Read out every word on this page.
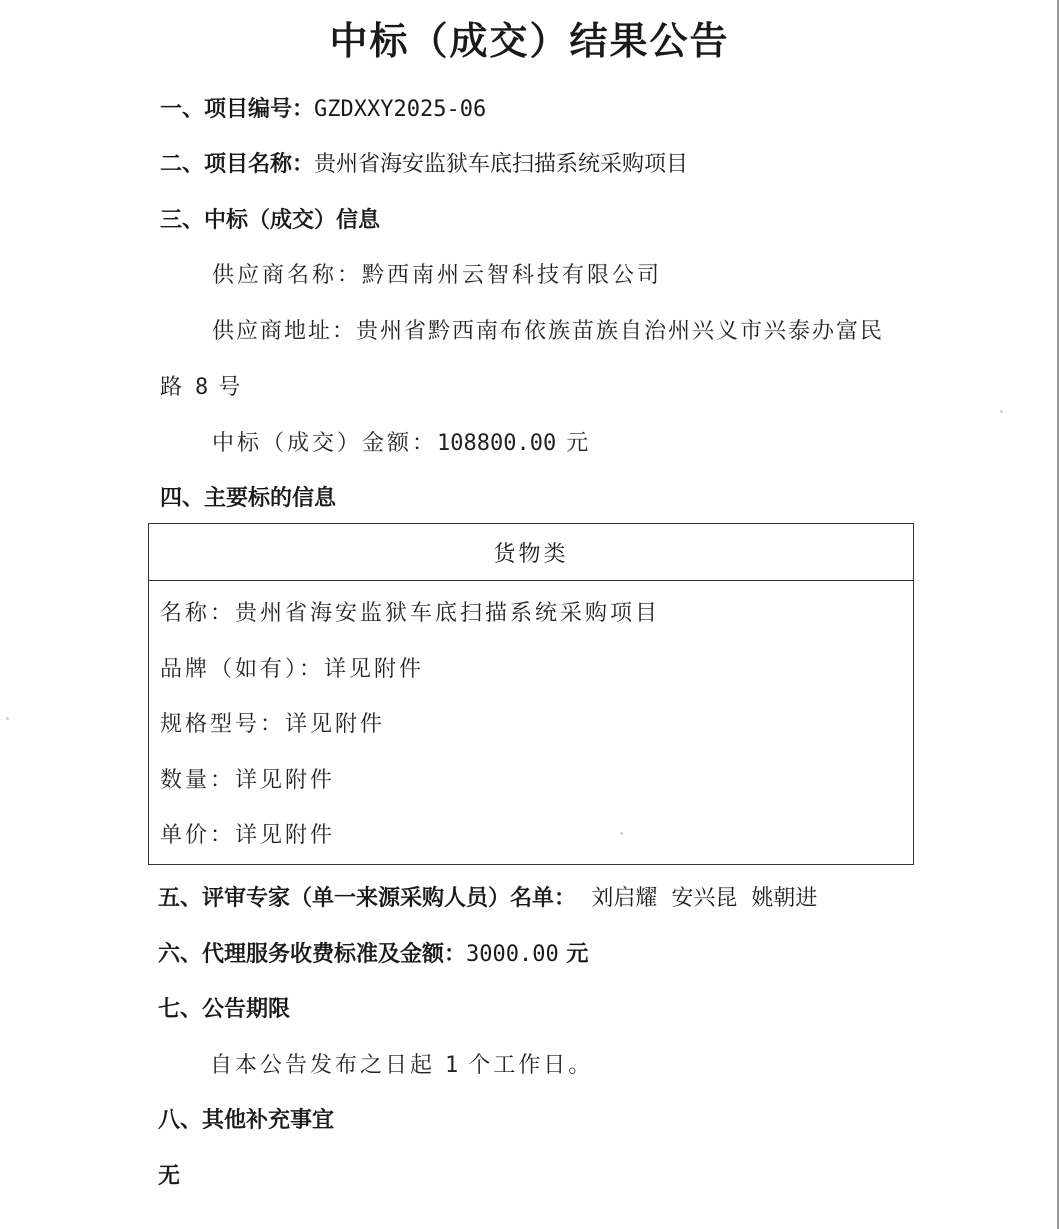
中标（成交）结果公告
一、项目编号：GZDXXY2025-06
二、项目名称：贵州省海安监狱车底扫描系统采购项目
三、中标（成交）信息
供应商名称：黔西南州云智科技有限公司
供应商地址：贵州省黔西南布依族苗族自治州兴义市兴泰办富民
路 8 号
中标（成交）金额：108800.00 元
四、主要标的信息
货物类
名称：贵州省海安监狱车底扫描系统采购项目
品牌（如有）：详见附件
规格型号：详见附件
数量：详见附件
单价：详见附件
五、评审专家（单一来源采购人员）名单： 刘启耀  安兴昆  姚朝进
六、代理服务收费标准及金额：3000.00 元
七、公告期限
自本公告发布之日起 1 个工作日。
八、其他补充事宜
无
